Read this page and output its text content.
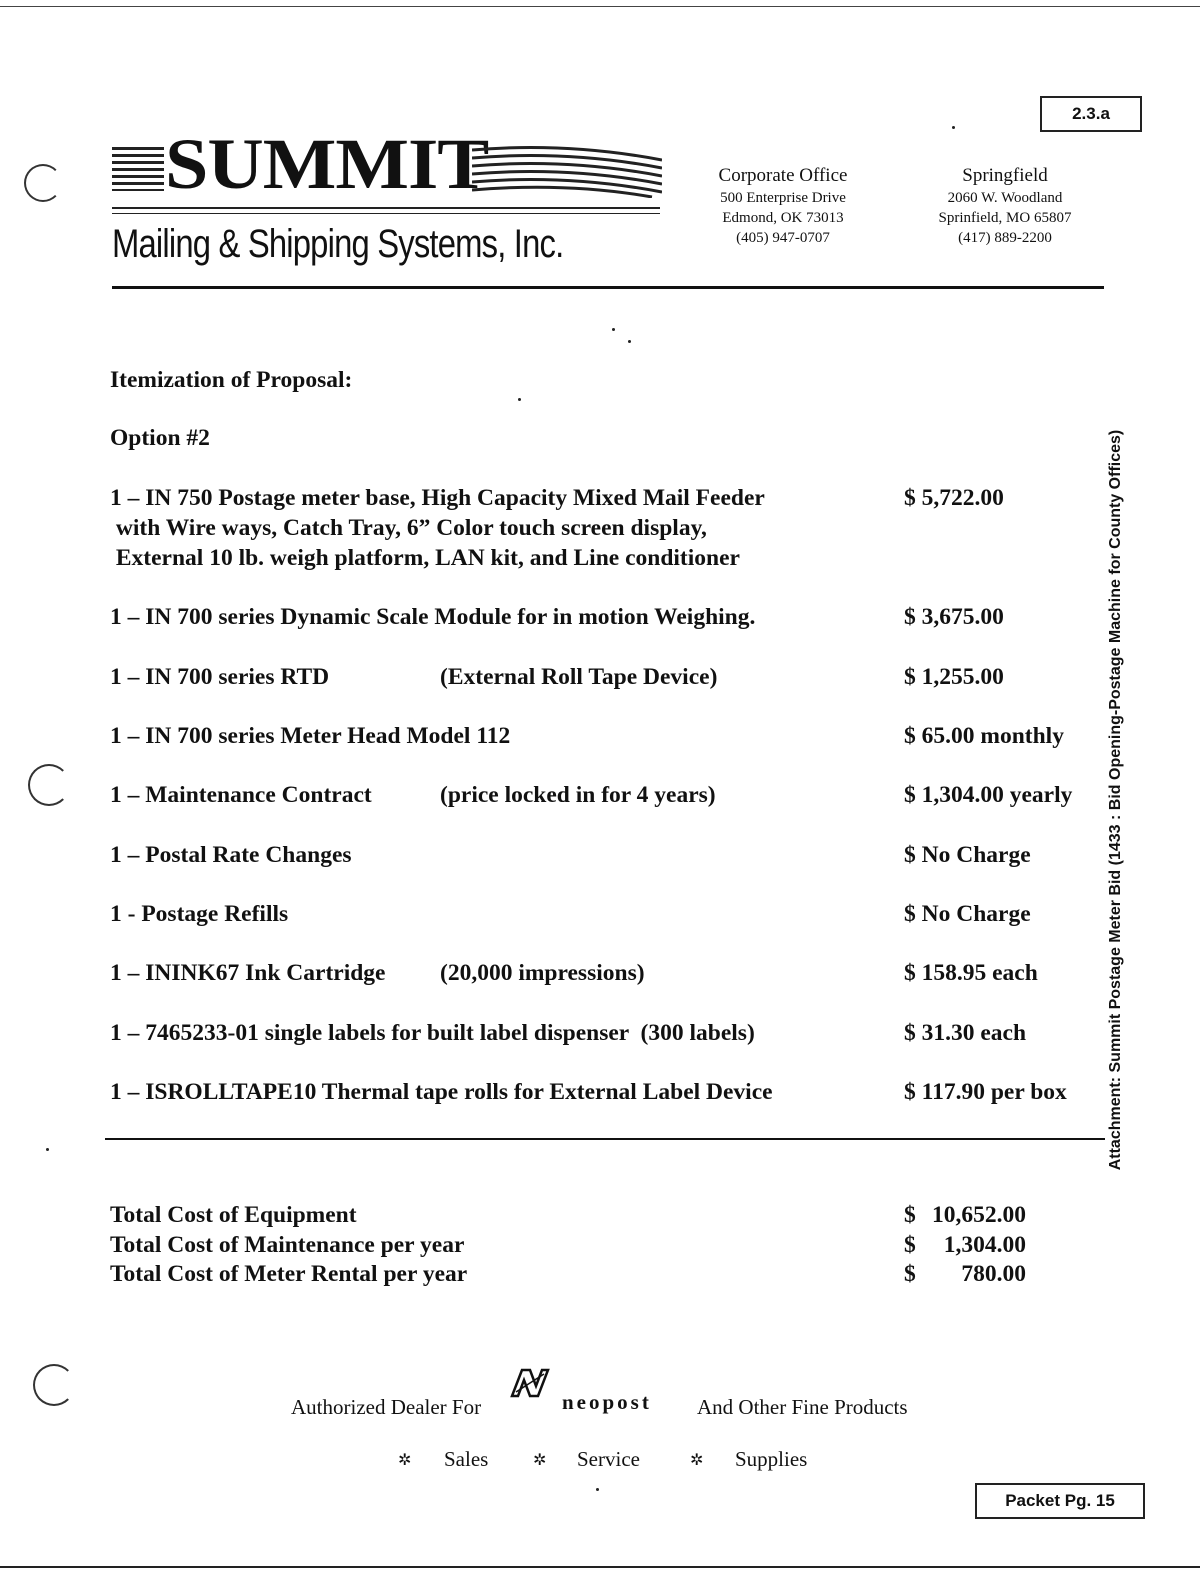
2.3.a
SUMMIT
Mailing & Shipping Systems, Inc.
Corporate Office
500 Enterprise Drive
Edmond, OK 73013
(405) 947-0707
Springfield
2060 W. Woodland
Sprinfield, MO 65807
(417) 889-2200
Itemization of Proposal:
Option #2
1 – IN 750 Postage meter base, High Capacity Mixed Mail Feeder
with Wire ways, Catch Tray, 6” Color touch screen display,
External 10 lb. weigh platform, LAN kit, and Line conditioner
$ 5,722.00
1 – IN 700 series Dynamic Scale Module for in motion Weighing.	$ 3,675.00
1 – IN 700 series RTD	(External Roll Tape Device)	$ 1,255.00
1 – IN 700 series Meter Head Model 112	$ 65.00 monthly
1 – Maintenance Contract	(price locked in for 4 years)	$ 1,304.00 yearly
1 – Postal Rate Changes	$ No Charge
1 - Postage Refills	$ No Charge
1 – ININK67 Ink Cartridge (20,000 impressions)	$ 158.95 each
1 – 7465233-01 single labels for built label dispenser  (300 labels)	$ 31.30 each
1 – ISROLLTAPE10 Thermal tape rolls for External Label Device	$ 117.90 per box
Total Cost of Equipment	$ 10,652.00
Total Cost of Maintenance per year	$	1,304.00
Total Cost of Meter Rental per year	$	780.00
Attachment: Summit Postage Meter Bid (1433 : Bid Opening-Postage Machine for County Offices)
Authorized Dealer For	neopost And Other Fine Products
✲ Sales	✲ Service	✲ Supplies
Packet Pg. 15
